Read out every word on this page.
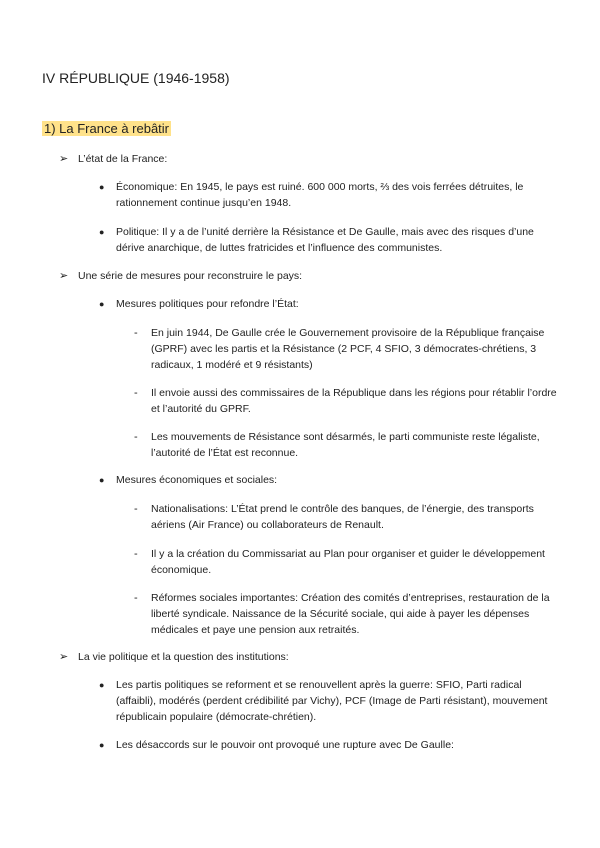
IV RÉPUBLIQUE (1946-1958)
1) La France à rebâtir
➢ L’état de la France:
● Économique: En 1945, le pays est ruiné. 600 000 morts, ⅔ des vois ferrées détruites, le rationnement continue jusqu’en 1948.
● Politique: Il y a de l’unité derrière la Résistance et De Gaulle, mais avec des risques d’une dérive anarchique, de luttes fratricides et l’influence des communistes.
➢ Une série de mesures pour reconstruire le pays:
● Mesures politiques pour refondre l’État:
- En juin 1944, De Gaulle crée le Gouvernement provisoire de la République française (GPRF) avec les partis et la Résistance (2 PCF, 4 SFIO, 3 démocrates-chrétiens, 3 radicaux, 1 modéré et 9 résistants)
- Il envoie aussi des commissaires de la République dans les régions pour rétablir l’ordre et l’autorité du GPRF.
- Les mouvements de Résistance sont désarmés, le parti communiste reste légaliste, l’autorité de l’État est reconnue.
● Mesures économiques et sociales:
- Nationalisations: L’État prend le contrôle des banques, de l’énergie, des transports aériens (Air France) ou collaborateurs de Renault.
- Il y a la création du Commissariat au Plan pour organiser et guider le développement économique.
- Réformes sociales importantes: Création des comités d’entreprises, restauration de la liberté syndicale. Naissance de la Sécurité sociale, qui aide à payer les dépenses médicales et paye une pension aux retraités.
➢ La vie politique et la question des institutions:
● Les partis politiques se reforment et se renouvellent après la guerre: SFIO, Parti radical (affaibli), modérés (perdent crédibilité par Vichy), PCF (Image de Parti résistant), mouvement républicain populaire (démocrate-chrétien).
● Les désaccords sur le pouvoir ont provoqué une rupture avec De Gaulle:
